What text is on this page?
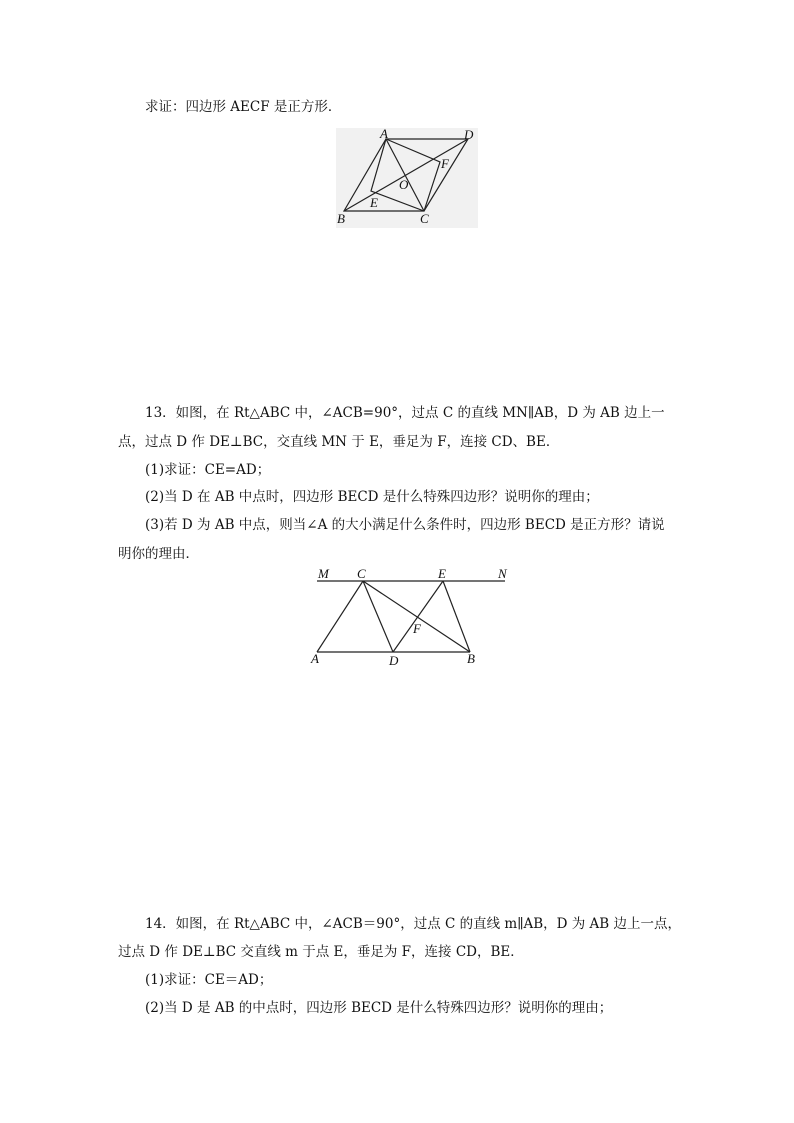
求证：四边形 AECF 是正方形．
A	D
F
O
B
E
C
13．如图，在 Rt△ABC 中，∠ACB=90°，过点 C 的直线 MN∥AB，D 为 AB 边上一
点，过点 D 作 DE⊥BC，交直线 MN 于 E，垂足为 F，连接 CD、BE．
(1)求证：CE=AD；
(2)当 D 在 AB 中点时，四边形 BECD 是什么特殊四边形？说明你的理由；
(3)若 D 为 AB 中点，则当∠A 的大小满足什么条件时，四边形 BECD 是正方形？请说
明你的理由．
M C	E	N
F
A	D	B
14．如图，在 Rt△ABC 中，∠ACB＝90°，过点 C 的直线 m∥AB，D 为 AB 边上一点，
过点 D 作 DE⊥BC 交直线 m 于点 E，垂足为 F，连接 CD，BE．
(1)求证：CE＝AD；
(2)当 D 是 AB 的中点时，四边形 BECD 是什么特殊四边形？说明你的理由；
